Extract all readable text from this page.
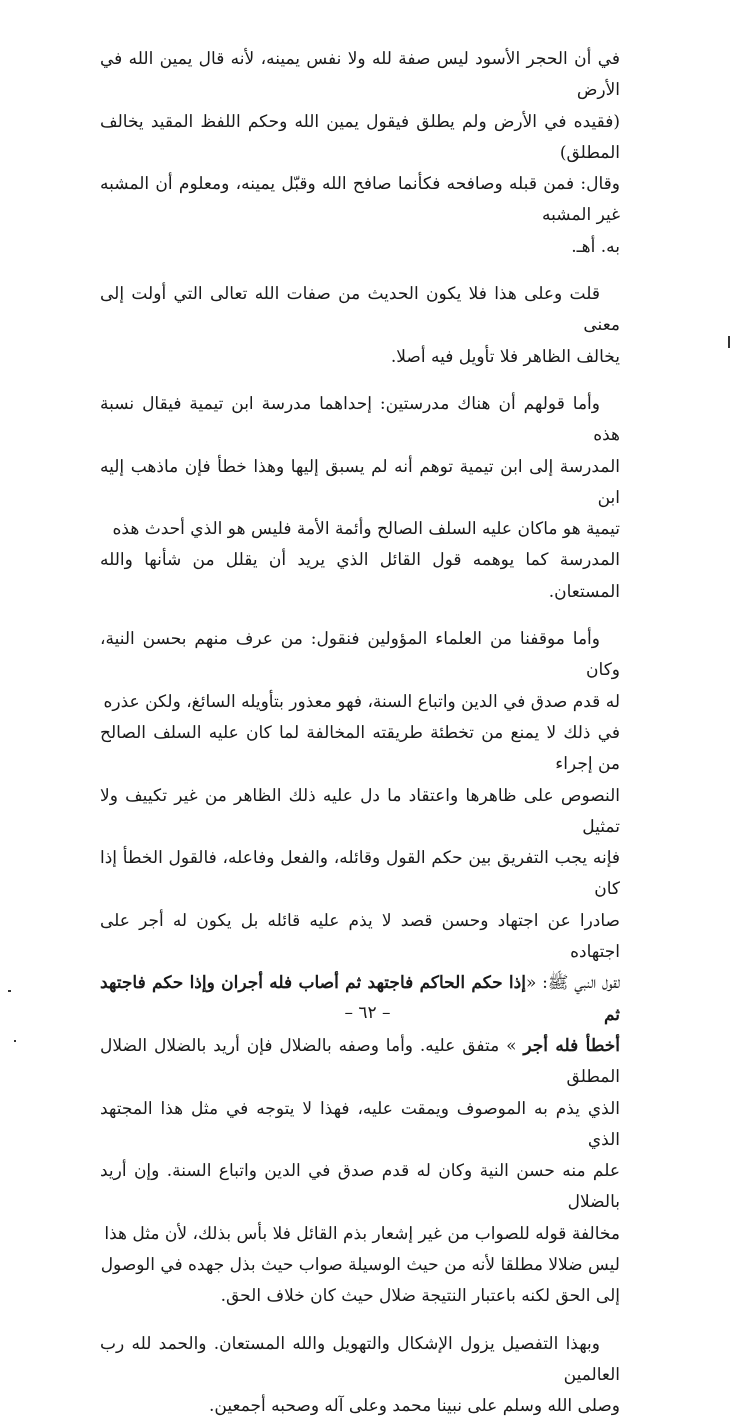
في أن الحجر الأسود ليس صفة لله ولا نفس يمينه، لأنه قال يمين الله في الأرض
(فقيده في الأرض ولم يطلق فيقول يمين الله وحكم اللفظ المقيد يخالف المطلق)
وقال: فمن قبله وصافحه فكأنما صافح الله وقبّل يمينه، ومعلوم أن المشبه غير المشبه
به. أهـ.

قلت وعلى هذا فلا يكون الحديث من صفات الله تعالى التي أولت إلى معنى
يخالف الظاهر فلا تأويل فيه أصلا.

وأما قولهم أن هناك مدرستين: إحداهما مدرسة ابن تيمية فيقال نسبة هذه
المدرسة إلى ابن تيمية توهم أنه لم يسبق إليها وهذا خطأ فإن ماذهب إليه ابن
تيمية هو ماكان عليه السلف الصالح وأئمة الأمة فليس هو الذي أحدث هذه
المدرسة كما يوهمه قول القائل الذي يريد أن يقلل من شأنها والله المستعان.

وأما موقفنا من العلماء المؤولين فنقول: من عرف منهم بحسن النية، وكان
له قدم صدق في الدين واتباع السنة، فهو معذور بتأويله السائغ، ولكن عذره
في ذلك لا يمنع من تخطئة طريقته المخالفة لما كان عليه السلف الصالح من إجراء
النصوص على ظاهرها واعتقاد ما دل عليه ذلك الظاهر من غير تكييف ولا تمثيل
فإنه يجب التفريق بين حكم القول وقائله، والفعل وفاعله، فالقول الخطأ إذا كان
صادرا عن اجتهاد وحسن قصد لا يذم عليه قائله بل يكون له أجر على اجتهاده
لقول النبي ﷺ: «إذا حكم الحاكم فاجتهد ثم أصاب فله أجران وإذا حكم فاجتهد ثم
أخطأ فله أجر » متفق عليه. وأما وصفه بالضلال فإن أريد بالضلال الضلال المطلق
الذي يذم به الموصوف ويمقت عليه، فهذا لا يتوجه في مثل هذا المجتهد الذي
علم منه حسن النية وكان له قدم صدق في الدين واتباع السنة. وإن أريد بالضلال
مخالفة قوله للصواب من غير إشعار بذم القائل فلا بأس بذلك، لأن مثل هذا
ليس ضلالا مطلقا لأنه من حيث الوسيلة صواب حيث بذل جهده في الوصول
إلى الحق لكنه باعتبار النتيجة ضلال حيث كان خلاف الحق.

وبهذا التفصيل يزول الإشكال والتهويل والله المستعان. والحمد لله رب العالمين
وصلى الله وسلم على نبينا محمد وعلى آله وصحبه أجمعين.

– ٦٢ –
